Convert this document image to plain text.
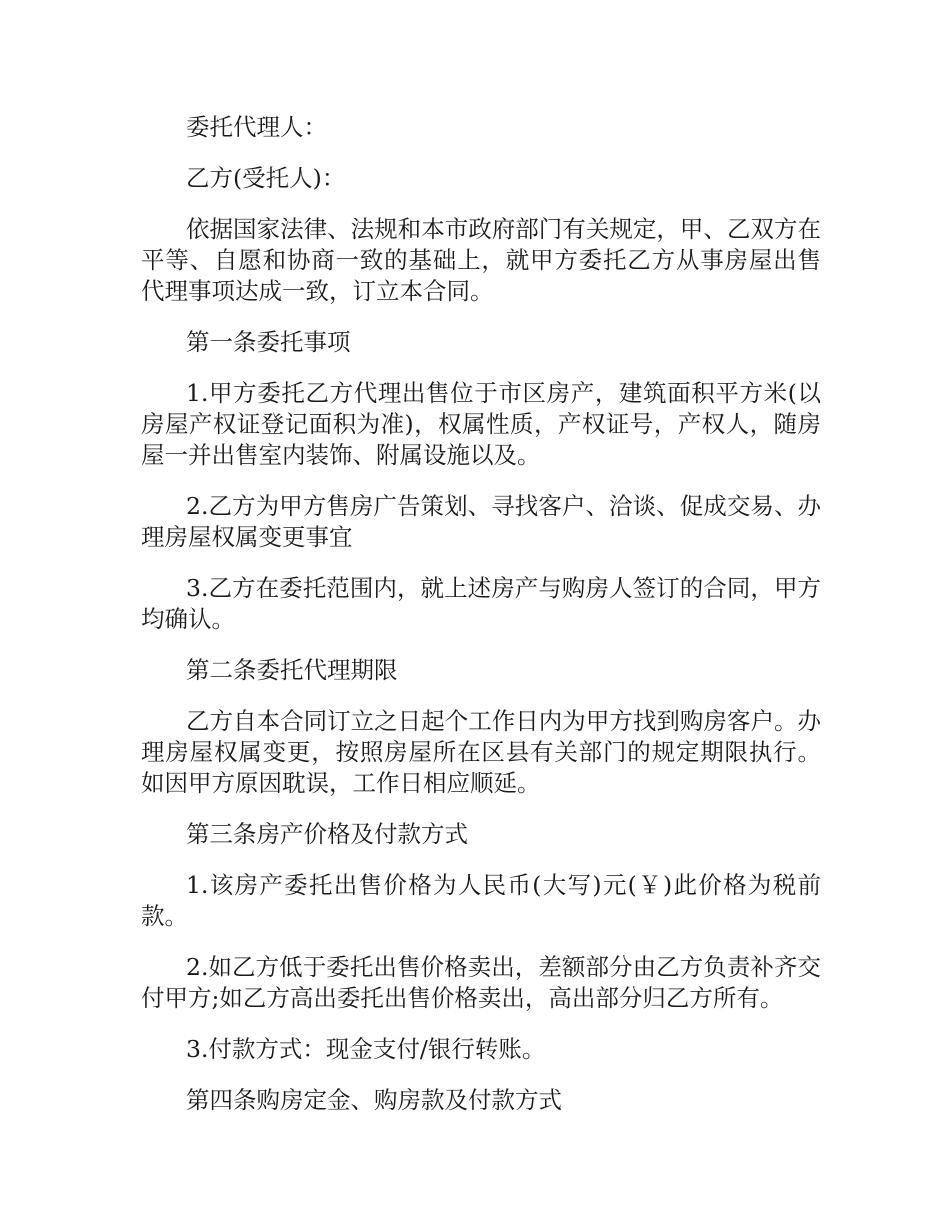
委托代理人：

乙方(受托人)：

依据国家法律、法规和本市政府部门有关规定，甲、乙双方在平等、自愿和协商一致的基础上，就甲方委托乙方从事房屋出售代理事项达成一致，订立本合同。

第一条委托事项

1.甲方委托乙方代理出售位于市区房产，建筑面积平方米(以房屋产权证登记面积为准)，权属性质，产权证号，产权人，随房屋一并出售室内装饰、附属设施以及。

2.乙方为甲方售房广告策划、寻找客户、洽谈、促成交易、办理房屋权属变更事宜

3.乙方在委托范围内，就上述房产与购房人签订的合同，甲方均确认。

第二条委托代理期限

乙方自本合同订立之日起个工作日内为甲方找到购房客户。办理房屋权属变更，按照房屋所在区县有关部门的规定期限执行。如因甲方原因耽误，工作日相应顺延。

第三条房产价格及付款方式

1.该房产委托出售价格为人民币(大写)元(￥)此价格为税前款。

2.如乙方低于委托出售价格卖出，差额部分由乙方负责补齐交付甲方;如乙方高出委托出售价格卖出，高出部分归乙方所有。

3.付款方式：现金支付/银行转账。

第四条购房定金、购房款及付款方式
